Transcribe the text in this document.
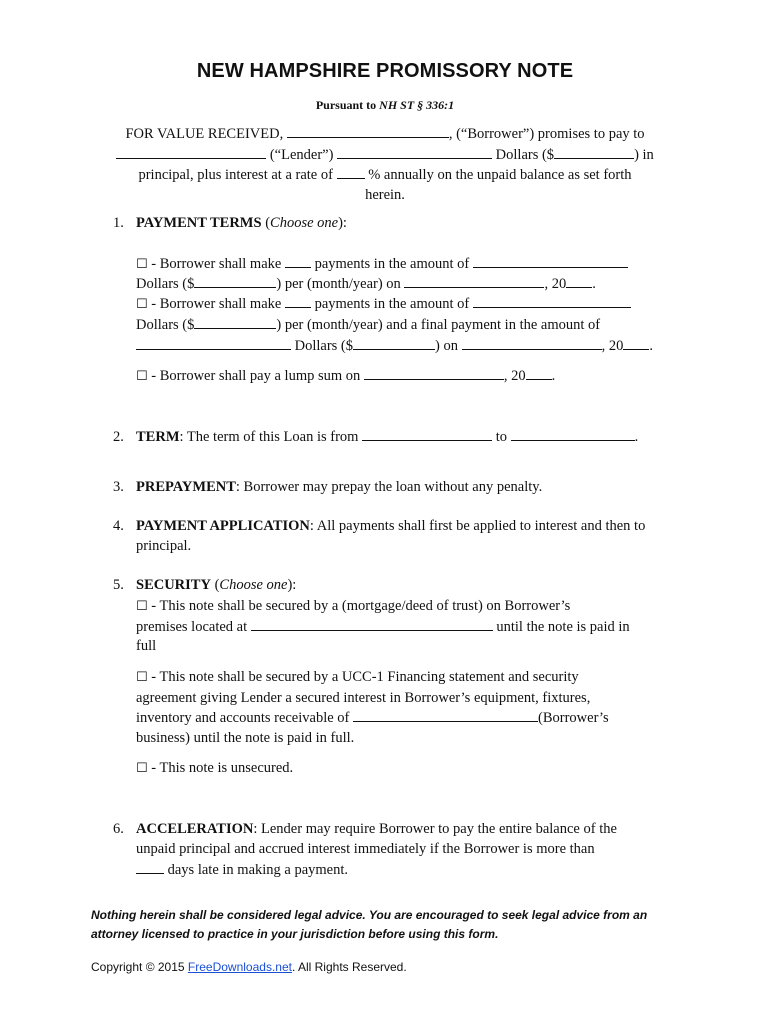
NEW HAMPSHIRE PROMISSORY NOTE
Pursuant to NH ST § 336:1
FOR VALUE RECEIVED,	, (“Borrower”) promises to pay to
(“Lender”)	Dollars ($	) in
principal, plus interest at a rate of % annually on the unpaid balance as set forth
herein.
1. PAYMENT TERMS (Choose one):
☐ - Borrower shall make payments in the amount of
Dollars ($	) per (month/year) on	, 20 .
☐ - Borrower shall make payments in the amount of
Dollars ($	) per (month/year) and a final payment in the amount of
Dollars ($	) on	, 20 .
☐ - Borrower shall pay a lump sum on	, 20 .
2. TERM: The term of this Loan is from	to	.
3. PREPAYMENT: Borrower may prepay the loan without any penalty.
4. PAYMENT APPLICATION: All payments shall first be applied to interest and then to
principal.
5. SECURITY (Choose one):
☐ - This note shall be secured by a (mortgage/deed of trust) on Borrower’s
premises located at	until the note is paid in
full
☐ - This note shall be secured by a UCC-1 Financing statement and security
agreement giving Lender a secured interest in Borrower’s equipment, fixtures,
inventory and accounts receivable of	(Borrower’s
business) until the note is paid in full.
☐ - This note is unsecured.
6. ACCELERATION: Lender may require Borrower to pay the entire balance of the
unpaid principal and accrued interest immediately if the Borrower is more than
days late in making a payment.
Nothing herein shall be considered legal advice. You are encouraged to seek legal advice from an
attorney licensed to practice in your jurisdiction before using this form.
Copyright © 2015 FreeDownloads.net. All Rights Reserved.
